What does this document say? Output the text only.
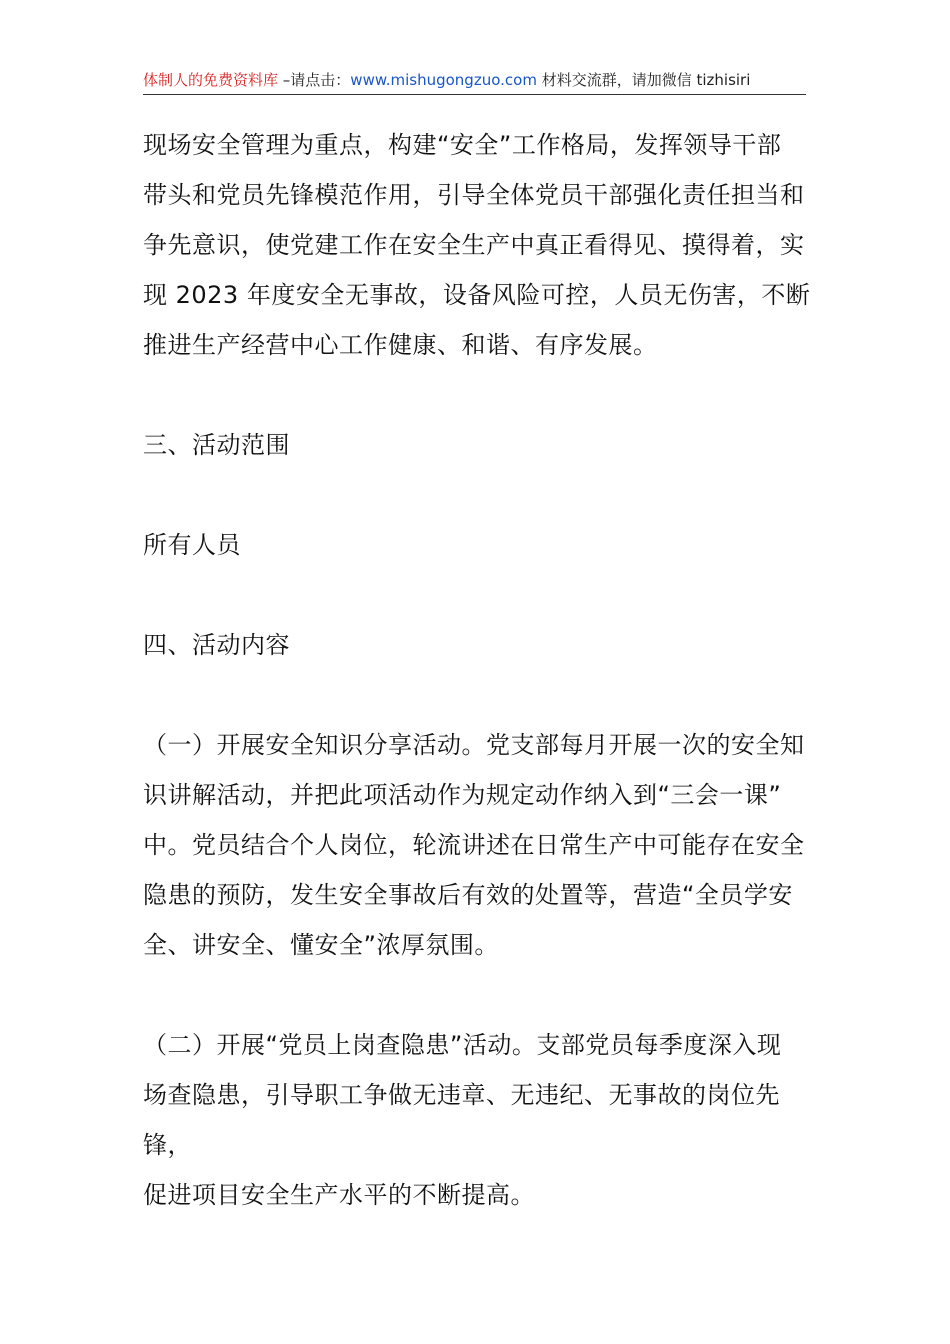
体制人的免费资料库 –请点击：www.mishugongzuo.com 材料交流群，请加微信 tizhisiri
现场安全管理为重点，构建“安全”工作格局，发挥领导干部
带头和党员先锋模范作用，引导全体党员干部强化责任担当和
争先意识，使党建工作在安全生产中真正看得见、摸得着，实
现 2023 年度安全无事故，设备风险可控，人员无伤害，不断
推进生产经营中心工作健康、和谐、有序发展。
三、活动范围
所有人员
四、活动内容
（一）开展安全知识分享活动。党支部每月开展一次的安全知
识讲解活动，并把此项活动作为规定动作纳入到“三会一课”
中。党员结合个人岗位，轮流讲述在日常生产中可能存在安全
隐患的预防，发生安全事故后有效的处置等，营造“全员学安
全、讲安全、懂安全”浓厚氛围。
（二）开展“党员上岗查隐患”活动。支部党员每季度深入现
场查隐患，引导职工争做无违章、无违纪、无事故的岗位先锋，
促进项目安全生产水平的不断提高。
